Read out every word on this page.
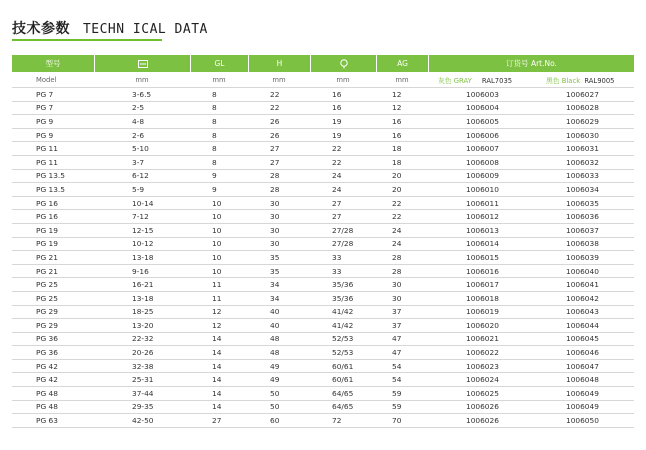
技术参数 TECHN ICAL DATA
型号		GL	H		AG	订货号 Art.No.	
Model	mm	mm	mm	mm	mm	灰色 GRAY RAL7035	黑色 Black RAL9005
PG 7	3-6.5	8	22	16	12	1006003	1006027
PG 7	2-5	8	22	16	12	1006004	1006028
PG 9	4-8	8	26	19	16	1006005	1006029
PG 9	2-6	8	26	19	16	1006006	1006030
PG 11	5-10	8	27	22	18	1006007	1006031
PG 11	3-7	8	27	22	18	1006008	1006032
PG 13.5	6-12	9	28	24	20	1006009	1006033
PG 13.5	5-9	9	28	24	20	1006010	1006034
PG 16	10-14	10	30	27	22	1006011	1006035
PG 16	7-12	10	30	27	22	1006012	1006036
PG 19	12-15	10	30	27/28	24	1006013	1006037
PG 19	10-12	10	30	27/28	24	1006014	1006038
PG 21	13-18	10	35	33	28	1006015	1006039
PG 21	9-16	10	35	33	28	1006016	1006040
PG 25	16-21	11	34	35/36	30	1006017	1006041
PG 25	13-18	11	34	35/36	30	1006018	1006042
PG 29	18-25	12	40	41/42	37	1006019	1006043
PG 29	13-20	12	40	41/42	37	1006020	1006044
PG 36	22-32	14	48	52/53	47	1006021	1006045
PG 36	20-26	14	48	52/53	47	1006022	1006046
PG 42	32-38	14	49	60/61	54	1006023	1006047
PG 42	25-31	14	49	60/61	54	1006024	1006048
PG 48	37-44	14	50	64/65	59	1006025	1006049
PG 48	29-35	14	50	64/65	59	1006026	1006049
PG 63	42-50	27	60	72	70	1006026	1006050
